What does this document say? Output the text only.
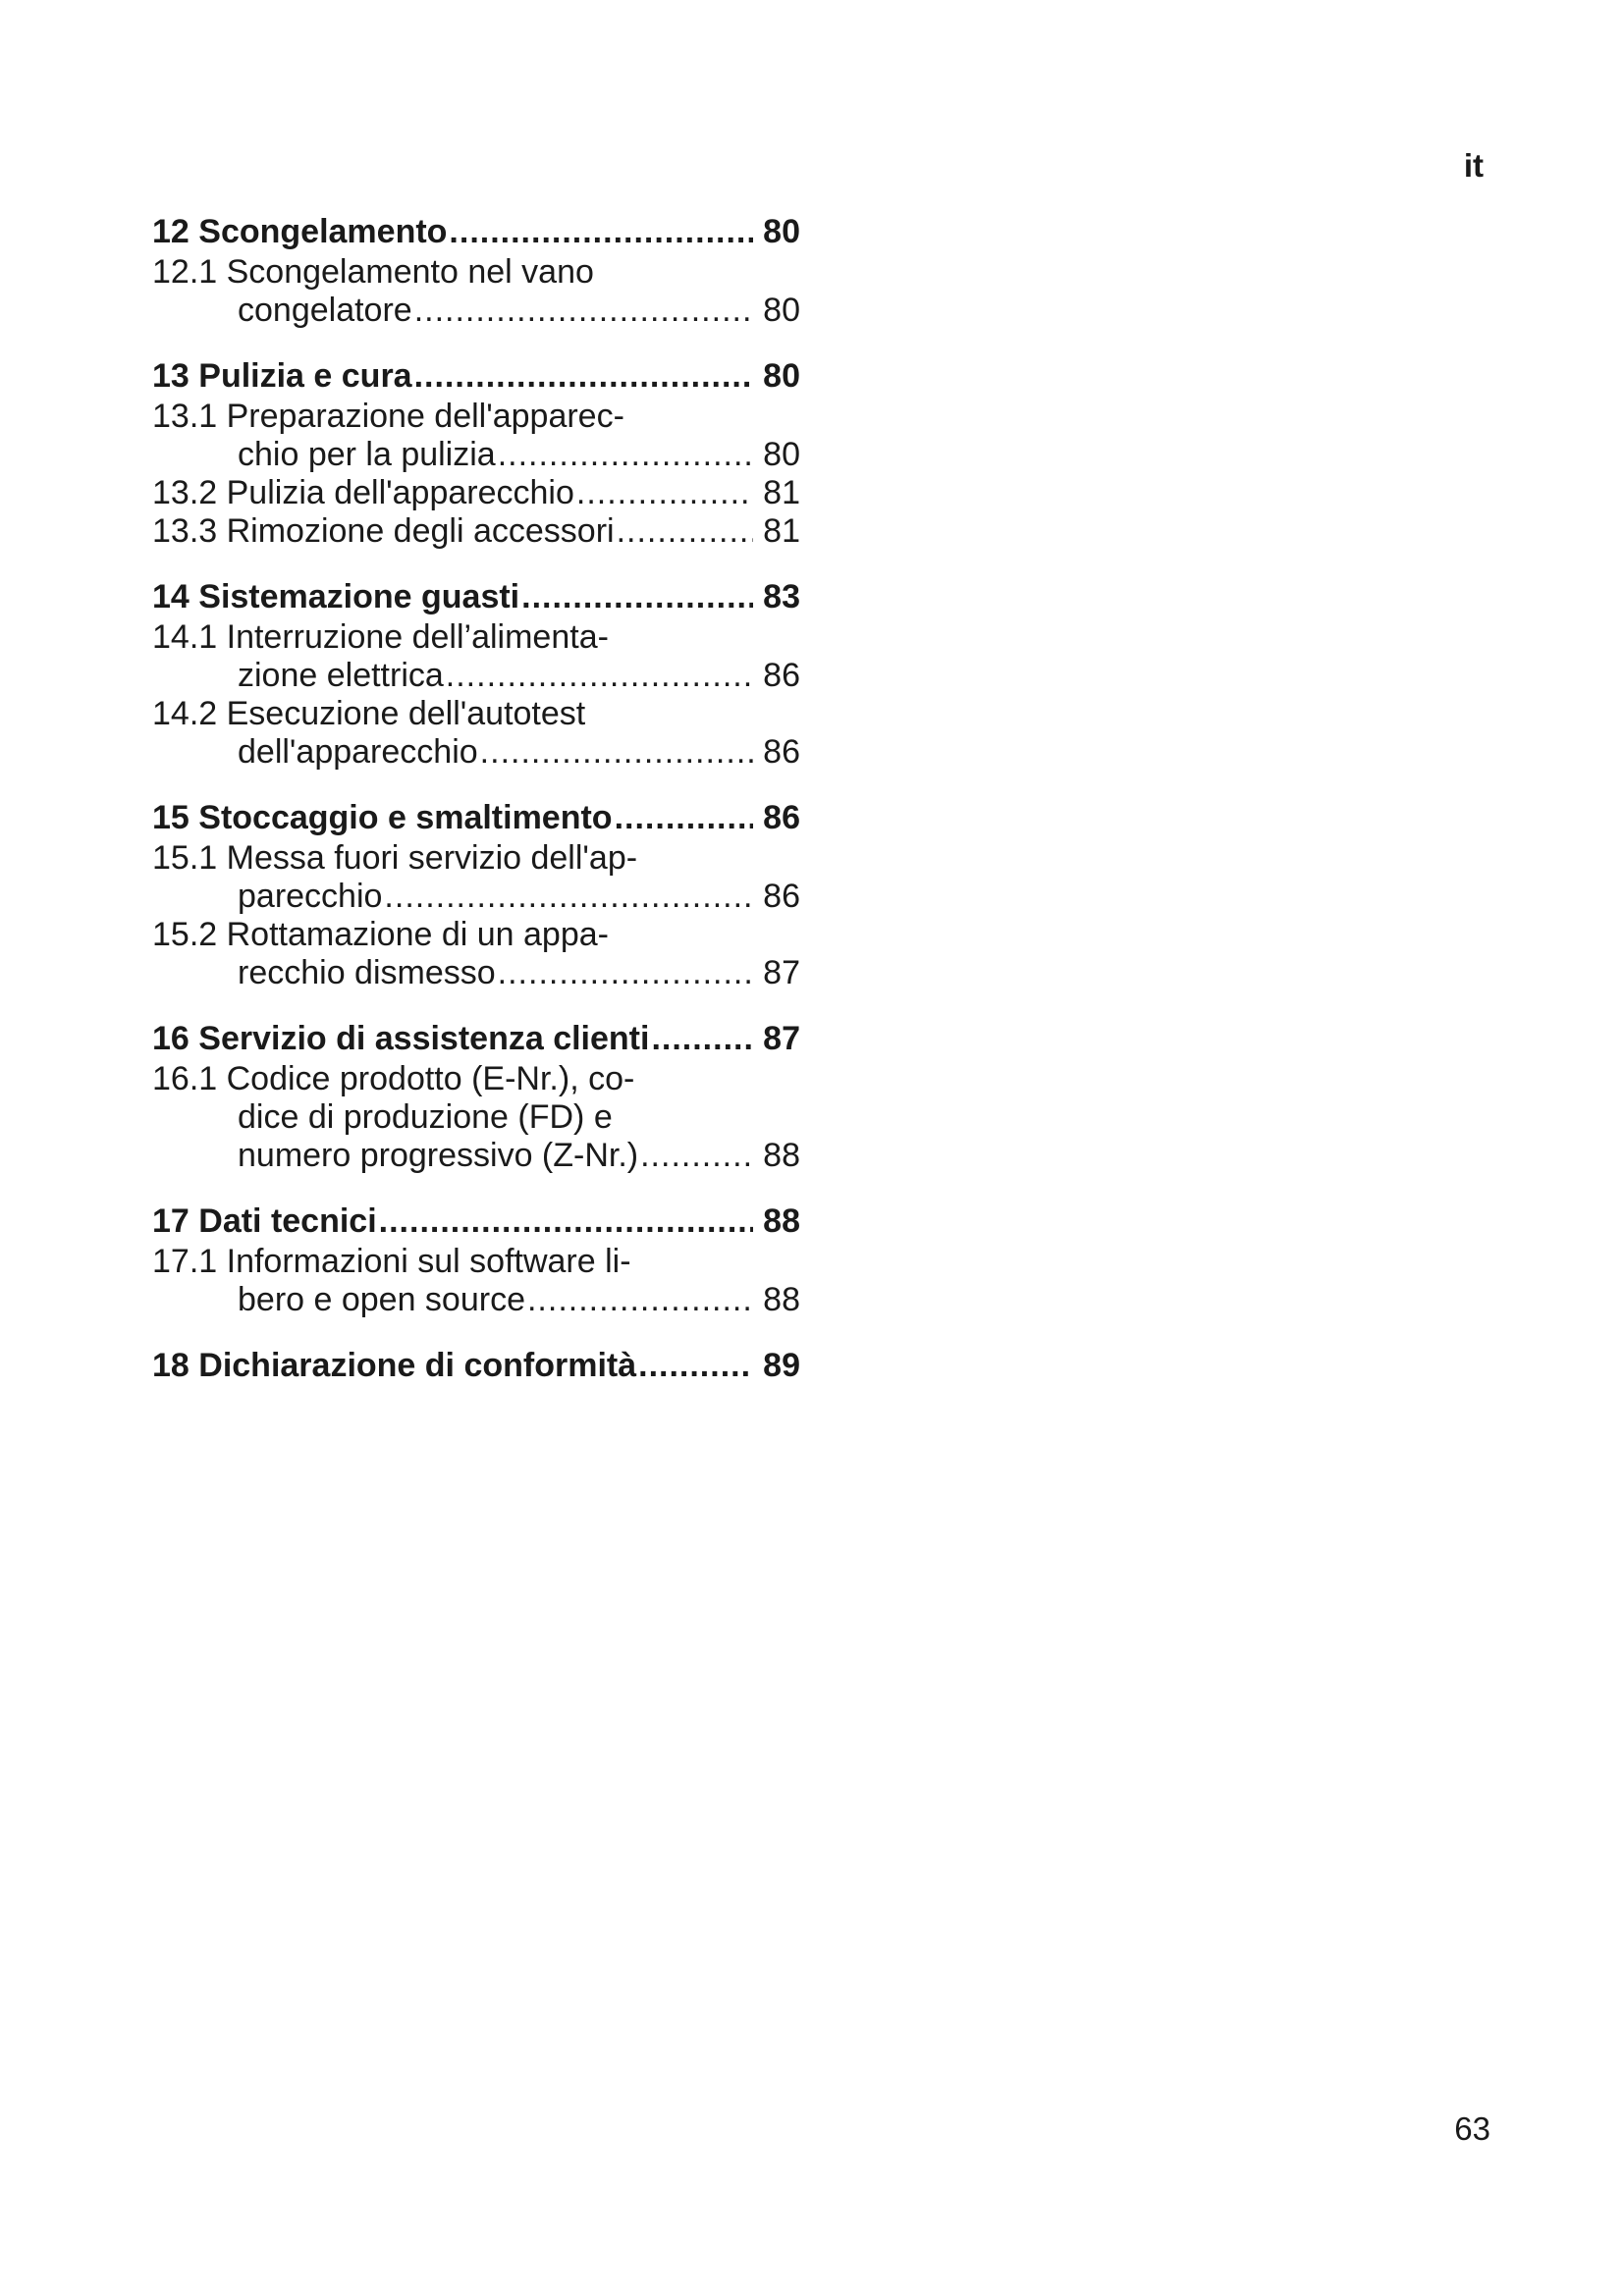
it
12 Scongelamento .....	80
12.1 Scongelamento nel vano
congelatore .....	80
13 Pulizia e cura .....	80
13.1 Preparazione dell'apparec-
chio per la pulizia .....	80
13.2 Pulizia dell'apparecchio .....	81
13.3 Rimozione degli accessori .....	81
14 Sistemazione guasti .....	83
14.1 Interruzione dell’alimenta-
zione elettrica .....	86
14.2 Esecuzione dell'autotest
dell'apparecchio .....	86
15 Stoccaggio e smaltimento .....	86
15.1 Messa fuori servizio dell'ap-
parecchio .....	86
15.2 Rottamazione di un appa-
recchio dismesso .....	87
16 Servizio di assistenza clienti .....	87
16.1 Codice prodotto (E-Nr.), co-
dice di produzione (FD) e
numero progressivo (Z-Nr.) .....	88
17 Dati tecnici .....	88
17.1 Informazioni sul software li-
bero e open source .....	88
18 Dichiarazione di conformità .....	89
63
